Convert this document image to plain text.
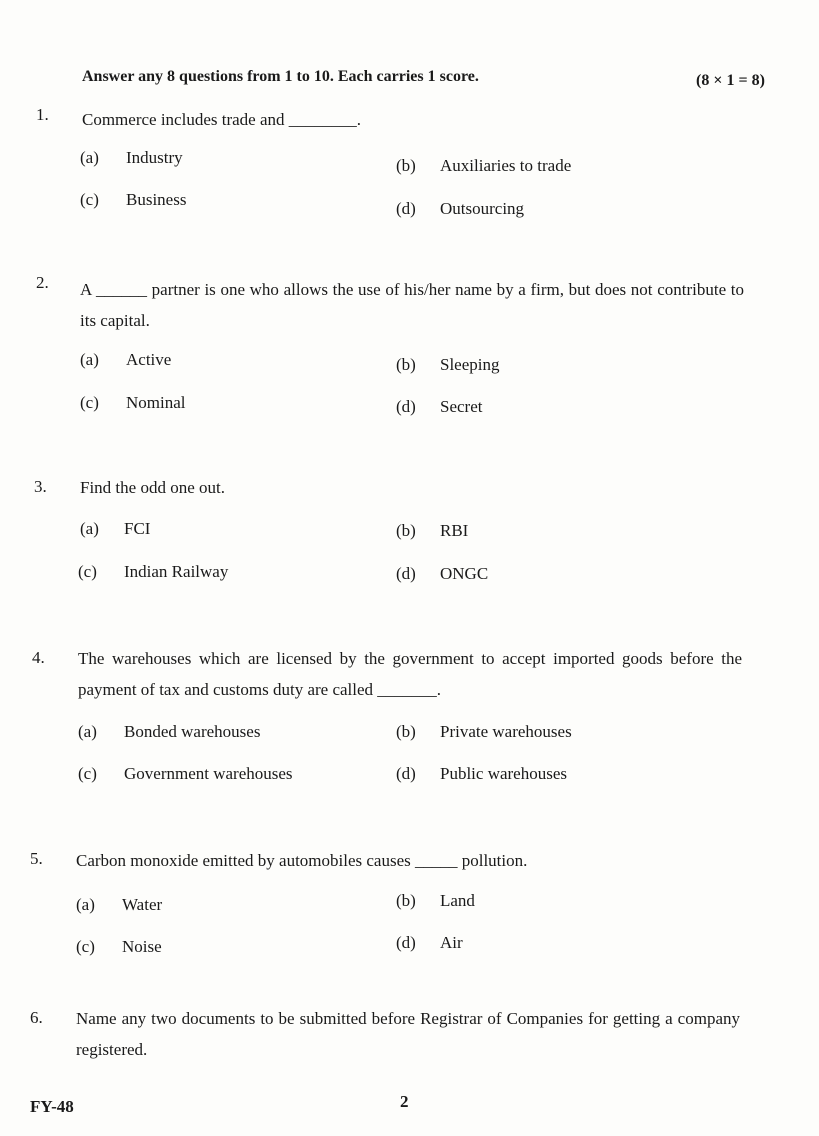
Answer any 8 questions from 1 to 10. Each carries 1 score.	(8 × 1 = 8)
1. Commerce includes trade and ________.
(a) Industry	(b) Auxiliaries to trade
(c) Business	(d) Outsourcing
2. A ______ partner is one who allows the use of his/her name by a firm, but does not contribute to its capital.
(a) Active	(b) Sleeping
(c) Nominal	(d) Secret
3. Find the odd one out.
(a) FCI	(b) RBI
(c) Indian Railway	(d) ONGC
4. The warehouses which are licensed by the government to accept imported goods before the payment of tax and customs duty are called _______.
(a) Bonded warehouses	(b) Private warehouses
(c) Government warehouses	(d) Public warehouses
5. Carbon monoxide emitted by automobiles causes _____ pollution.
(a) Water	(b) Land
(c) Noise	(d) Air
6. Name any two documents to be submitted before Registrar of Companies for getting a company registered.
FY-48	2
